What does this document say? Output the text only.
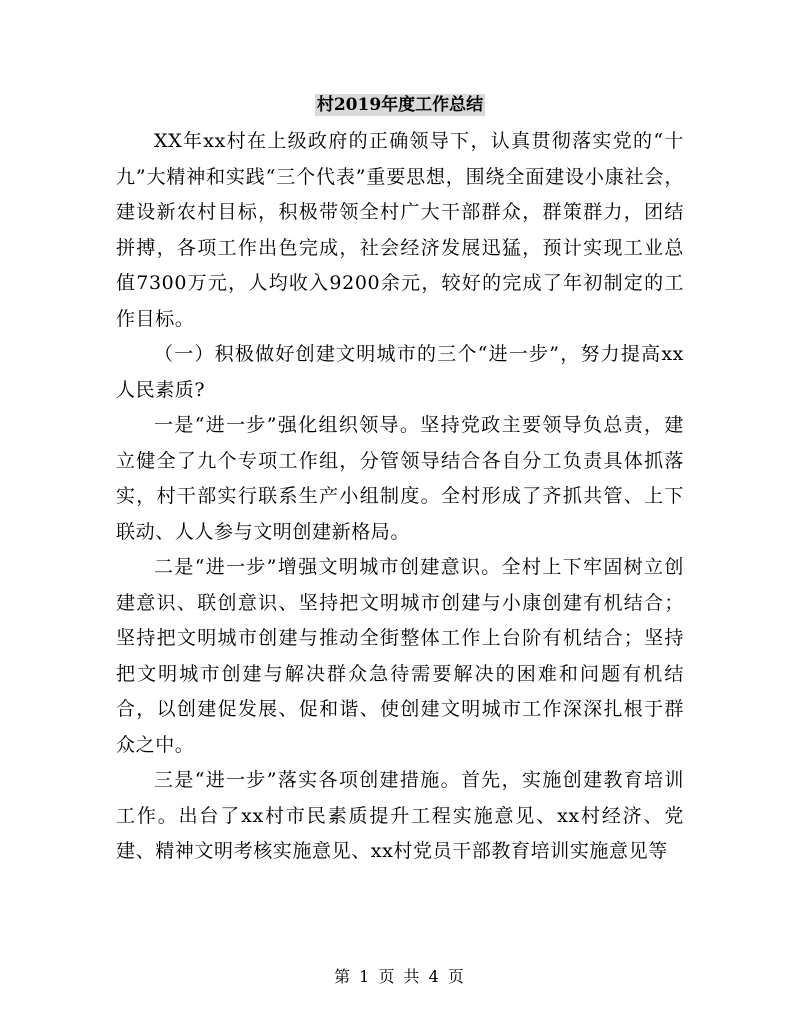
村2019年度工作总结

XX年xx村在上级政府的正确领导下，认真贯彻落实党的“十九”大精神和实践“三个代表”重要思想，围绕全面建设小康社会，建设新农村目标，积极带领全村广大干部群众，群策群力，团结拼搏，各项工作出色完成，社会经济发展迅猛，预计实现工业总值7300万元，人均收入9200余元，较好的完成了年初制定的工作目标。

（一）积极做好创建文明城市的三个“进一步”，努力提高xx人民素质?

一是“进一步”强化组织领导。坚持党政主要领导负总责，建立健全了九个专项工作组，分管领导结合各自分工负责具体抓落实，村干部实行联系生产小组制度。全村形成了齐抓共管、上下联动、人人参与文明创建新格局。

二是“进一步”增强文明城市创建意识。全村上下牢固树立创建意识、联创意识、坚持把文明城市创建与小康创建有机结合；坚持把文明城市创建与推动全街整体工作上台阶有机结合；坚持把文明城市创建与解决群众急待需要解决的困难和问题有机结合，以创建促发展、促和谐、使创建文明城市工作深深扎根于群众之中。

三是“进一步”落实各项创建措施。首先，实施创建教育培训工作。出台了xx村市民素质提升工程实施意见、xx村经济、党建、精神文明考核实施意见、xx村党员干部教育培训实施意见等

第 1 页 共 4 页
